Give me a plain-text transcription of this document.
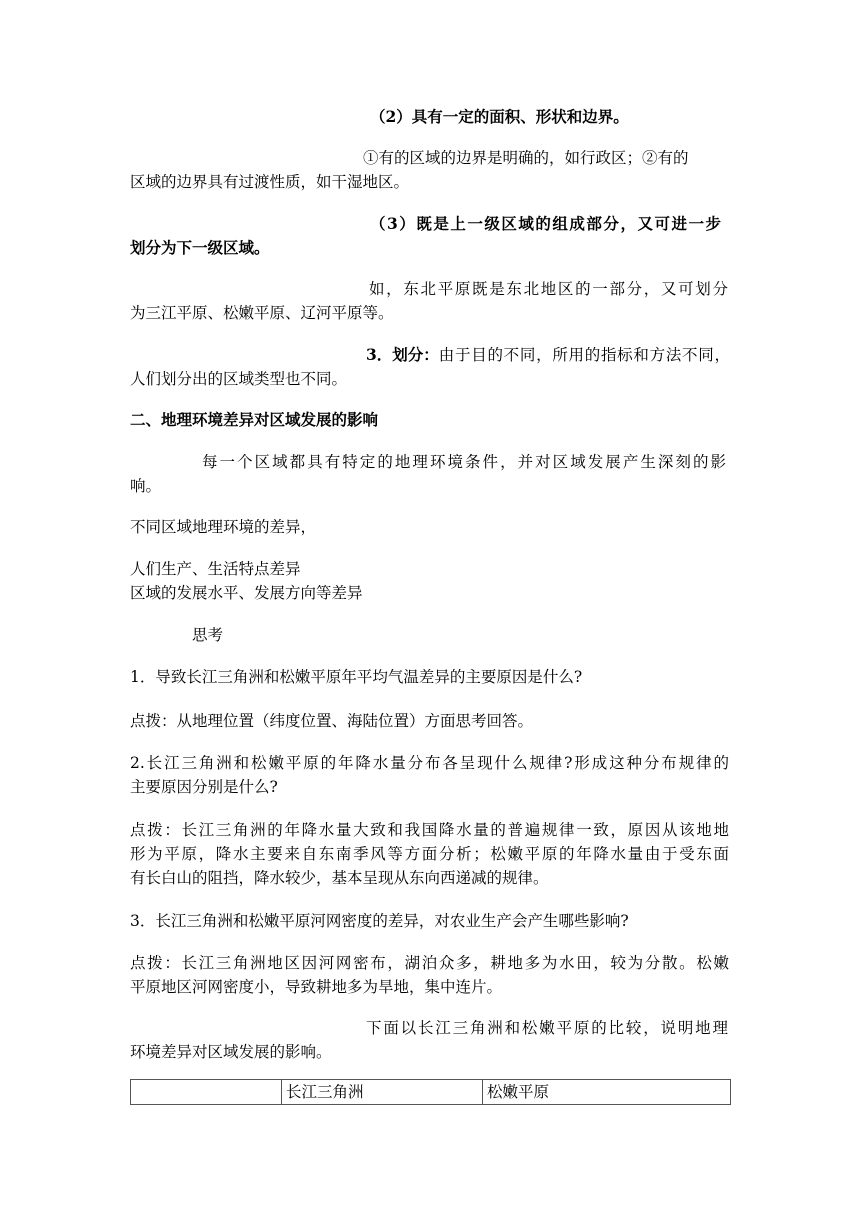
（2）具有一定的面积、形状和边界。
①有的区域的边界是明确的，如行政区；②有的
区域的边界具有过渡性质，如干湿地区。
（3）既是上一级区域的组成部分，又可进一步
划分为下一级区域。
如，东北平原既是东北地区的一部分，又可划分
为三江平原、松嫩平原、辽河平原等。
3．划分： 由于目的不同，所用的指标和方法不同，
人们划分出的区域类型也不同。
二、地理环境差异对区域发展的影响
每一个区域都具有特定的地理环境条件，并对区域发展产生深刻的影
响。
不同区域地理环境的差异，
人们生产、生活特点差异
区域的发展水平、发展方向等差异
思考
1．导致长江三角洲和松嫩平原年平均气温差异的主要原因是什么?
点拨：从地理位置（纬度位置、海陆位置）方面思考回答。
2.长江三角洲和松嫩平原的年降水量分布各呈现什么规律?形成这种分布规律的
主要原因分别是什么?
点拨：长江三角洲的年降水量大致和我国降水量的普遍规律一致，原因从该地地
形为平原，降水主要来自东南季风等方面分析；松嫩平原的年降水量由于受东面
有长白山的阻挡，降水较少，基本呈现从东向西递减的规律。
3．长江三角洲和松嫩平原河网密度的差异，对农业生产会产生哪些影响?
点拨：长江三角洲地区因河网密布，湖泊众多，耕地多为水田，较为分散。松嫩
平原地区河网密度小，导致耕地多为旱地，集中连片。
下面以长江三角洲和松嫩平原的比较，说明地理
环境差异对区域发展的影响。
	长江三角洲	松嫩平原
